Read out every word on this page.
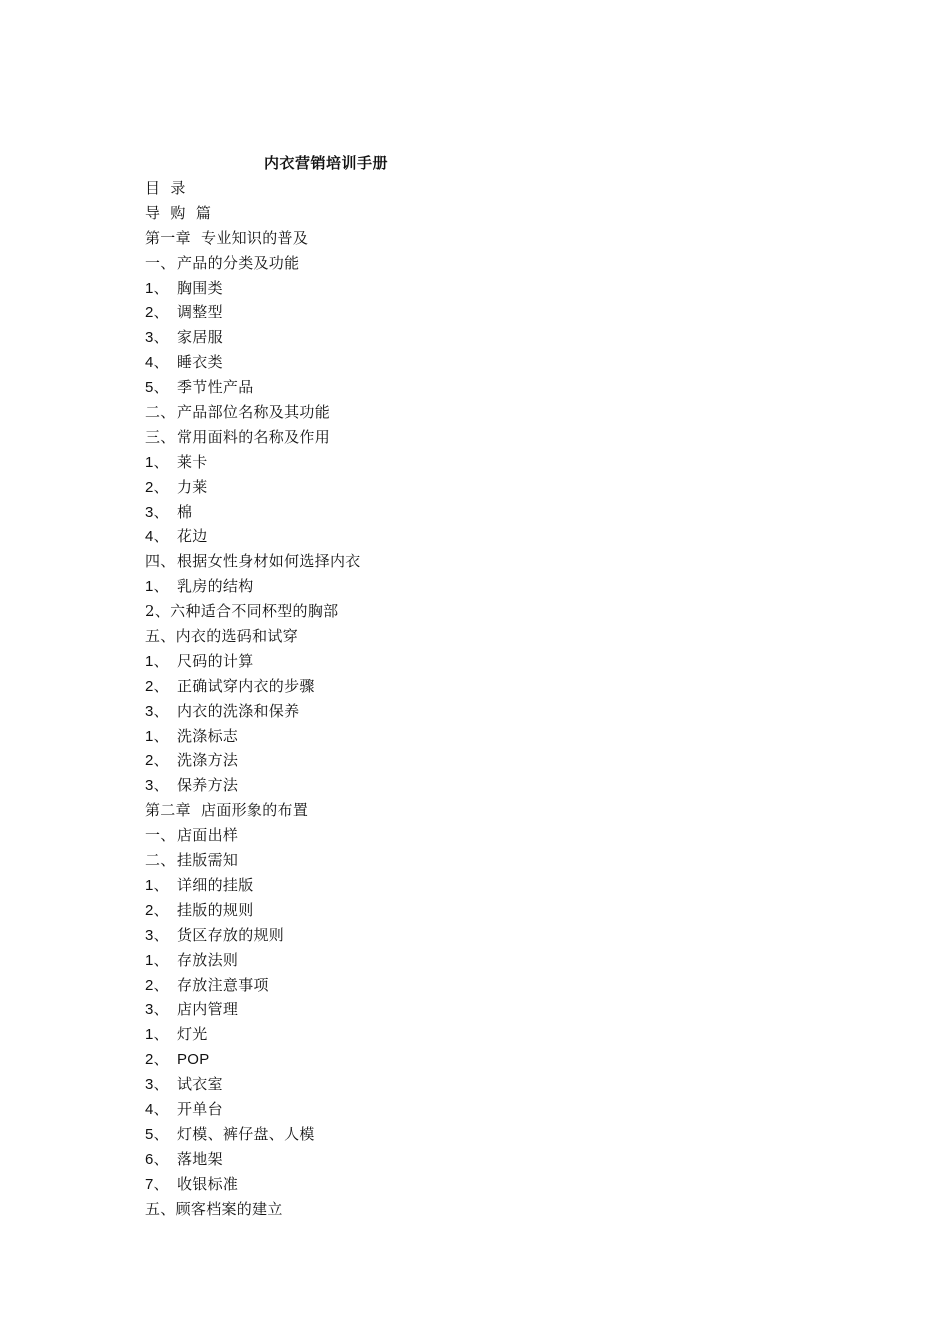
内衣营销培训手册
目  录
导  购  篇
第一章  专业知识的普及
一、  产品的分类及功能
1、 胸围类
2、 调整型
3、 家居服
4、 睡衣类
5、 季节性产品
二、  产品部位名称及其功能
三、  常用面料的名称及作用
1、 莱卡
2、 力莱
3、 棉
4、 花边
四、  根据女性身材如何选择内衣
1、 乳房的结构
2、六种适合不同杯型的胸部
五、内衣的选码和试穿
1、 尺码的计算
2、 正确试穿内衣的步骤
3、 内衣的洗涤和保养
1、 洗涤标志
2、 洗涤方法
3、 保养方法
第二章  店面形象的布置
一、  店面出样
二、  挂版需知
1、 详细的挂版
2、 挂版的规则
3、 货区存放的规则
1、 存放法则
2、 存放注意事项
3、 店内管理
1、 灯光
2、 POP
3、 试衣室
4、 开单台
5、 灯模、裤仔盘、人模
6、 落地架
7、 收银标准
五、顾客档案的建立
